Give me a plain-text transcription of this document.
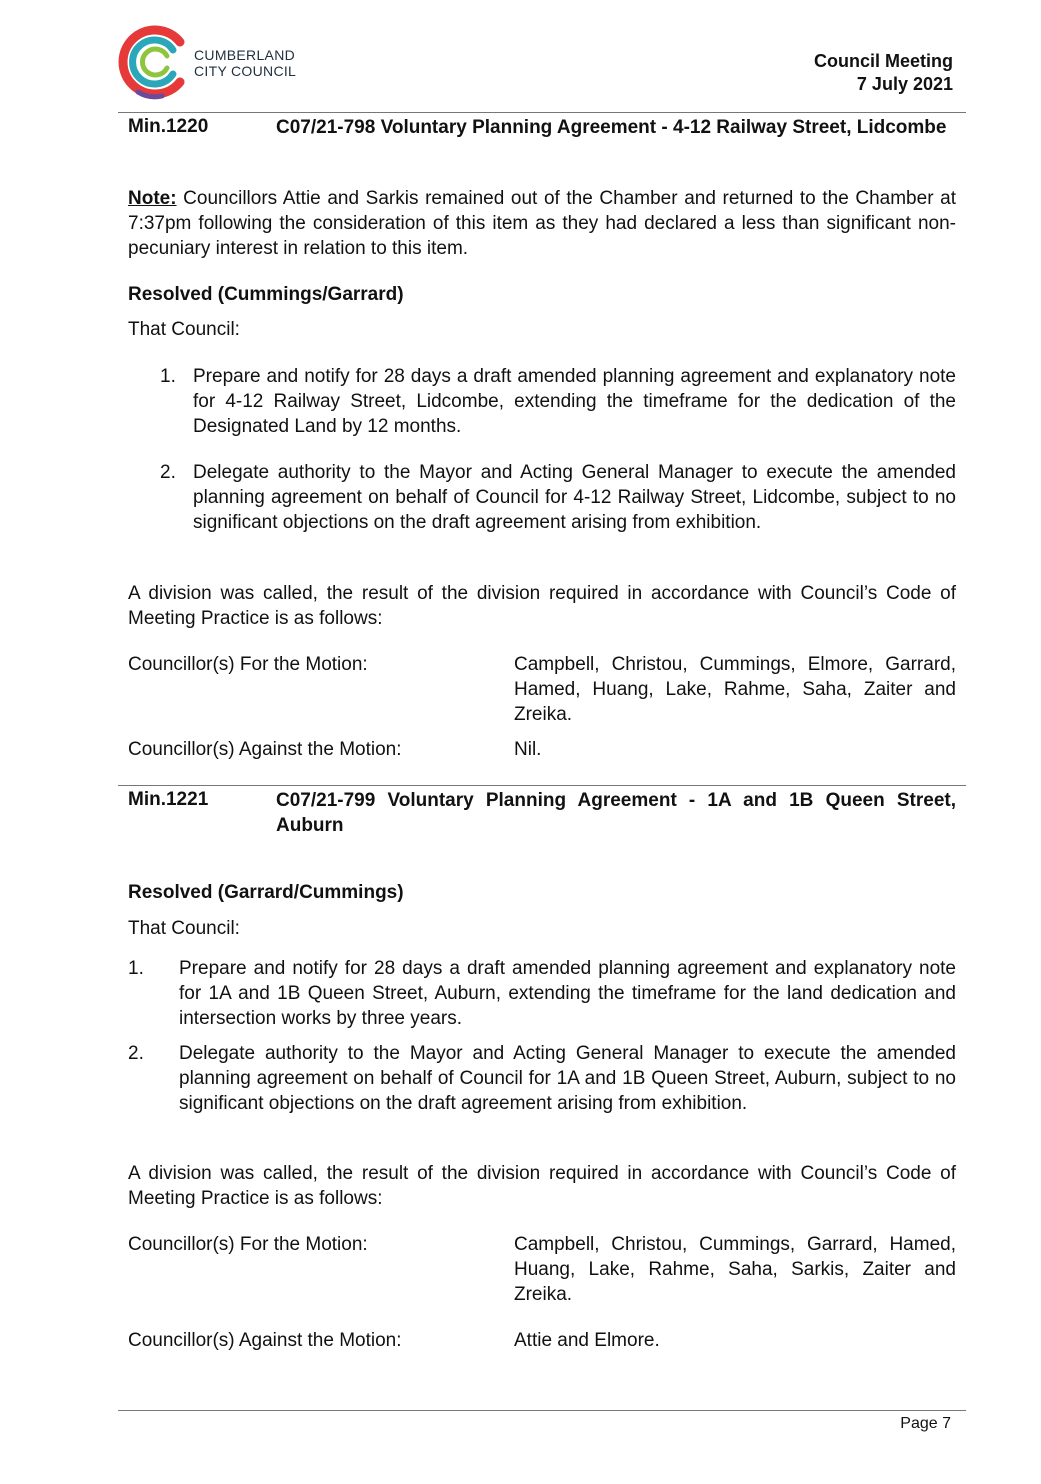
CUMBERLAND
CITY COUNCIL	Council Meeting
7 July 2021
Min.1220	C07/21-798 Voluntary Planning Agreement - 4-12 Railway Street, Lidcombe
Note: Councillors Attie and Sarkis remained out of the Chamber and returned to the Chamber at 7:37pm following the consideration of this item as they had declared a less than significant non-pecuniary interest in relation to this item.
Resolved (Cummings/Garrard)
That Council:
1. Prepare and notify for 28 days a draft amended planning agreement and explanatory note for 4-12 Railway Street, Lidcombe, extending the timeframe for the dedication of the Designated Land by 12 months.
2. Delegate authority to the Mayor and Acting General Manager to execute the amended planning agreement on behalf of Council for 4-12 Railway Street, Lidcombe, subject to no significant objections on the draft agreement arising from exhibition.
A division was called, the result of the division required in accordance with Council’s Code of Meeting Practice is as follows:
Councillor(s) For the Motion:	Campbell, Christou, Cummings, Elmore, Garrard, Hamed, Huang, Lake, Rahme, Saha, Zaiter and Zreika.
Councillor(s) Against the Motion:	Nil.
Min.1221	C07/21-799 Voluntary Planning Agreement - 1A and 1B Queen Street, Auburn
Resolved (Garrard/Cummings)
That Council:
1. Prepare and notify for 28 days a draft amended planning agreement and explanatory note for 1A and 1B Queen Street, Auburn, extending the timeframe for the land dedication and intersection works by three years.
2. Delegate authority to the Mayor and Acting General Manager to execute the amended planning agreement on behalf of Council for 1A and 1B Queen Street, Auburn, subject to no significant objections on the draft agreement arising from exhibition.
A division was called, the result of the division required in accordance with Council’s Code of Meeting Practice is as follows:
Councillor(s) For the Motion:	Campbell, Christou, Cummings, Garrard, Hamed, Huang, Lake, Rahme, Saha, Sarkis, Zaiter and Zreika.
Councillor(s) Against the Motion:	Attie and Elmore.
Page 7
